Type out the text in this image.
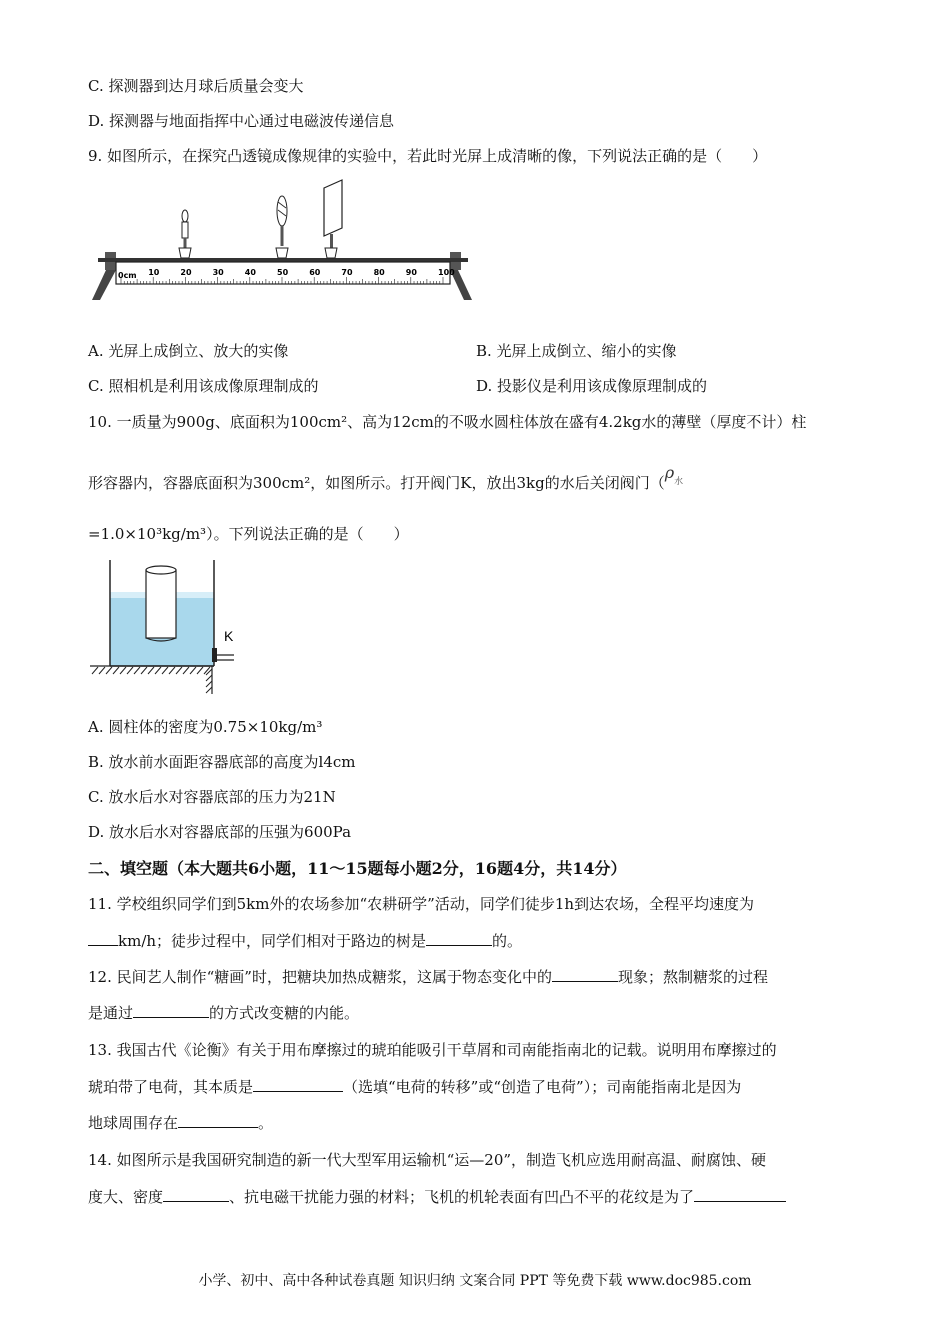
C. 探测器到达月球后质量会变大
D. 探测器与地面指挥中心通过电磁波传递信息
9. 如图所示，在探究凸透镜成像规律的实验中，若此时光屏上成清晰的像，下列说法正确的是（　　）
0cm 10	20	30	40	50	60	70	80	90	100
A. 光屏上成倒立、放大的实像	B. 光屏上成倒立、缩小的实像
C. 照相机是利用该成像原理制成的	D. 投影仪是利用该成像原理制成的
10. 一质量为900g、底面积为100cm²、高为12cm的不吸水圆柱体放在盛有4.2kg水的薄壁（厚度不计）柱
形容器内，容器底面积为300cm²，如图所示。打开阀门K，放出3kg的水后关闭阀门（$\rho^水$
=1.0×10³kg/m³）。下列说法正确的是（　　）
K
A. 圆柱体的密度为0.75×10kg/m³
B. 放水前水面距容器底部的高度为l4cm
C. 放水后水对容器底部的压力为21N
D. 放水后水对容器底部的压强为600Pa
二、填空题（本大题共6小题，11～15题每小题2分，16题4分，共14分）
11. 学校组织同学们到5km外的农场参加“农耕研学”活动，同学们徒步1h到达农场，全程平均速度为
km/h；徒步过程中，同学们相对于路边的树是	的。
12. 民间艺人制作“糖画”时，把糖块加热成糖浆，这属于物态变化中的	现象；熬制糖浆的过程
是通过	的方式改变糖的内能。
13. 我国古代《论衡》有关于用布摩擦过的琥珀能吸引干草屑和司南能指南北的记载。说明用布摩擦过的
琥珀带了电荷，其本质是	（选填“电荷的转移”或“创造了电荷”）；司南能指南北是因为
地球周围存在	。
14. 如图所示是我国研究制造的新一代大型军用运输机“运—20”，制造飞机应选用耐高温、耐腐蚀、硬
度大、密度	、抗电磁干扰能力强的材料；飞机的机轮表面有凹凸不平的花纹是为了
小学、初中、高中各种试卷真题 知识归纳 文案合同 PPT 等免费下载 www.doc985.com
